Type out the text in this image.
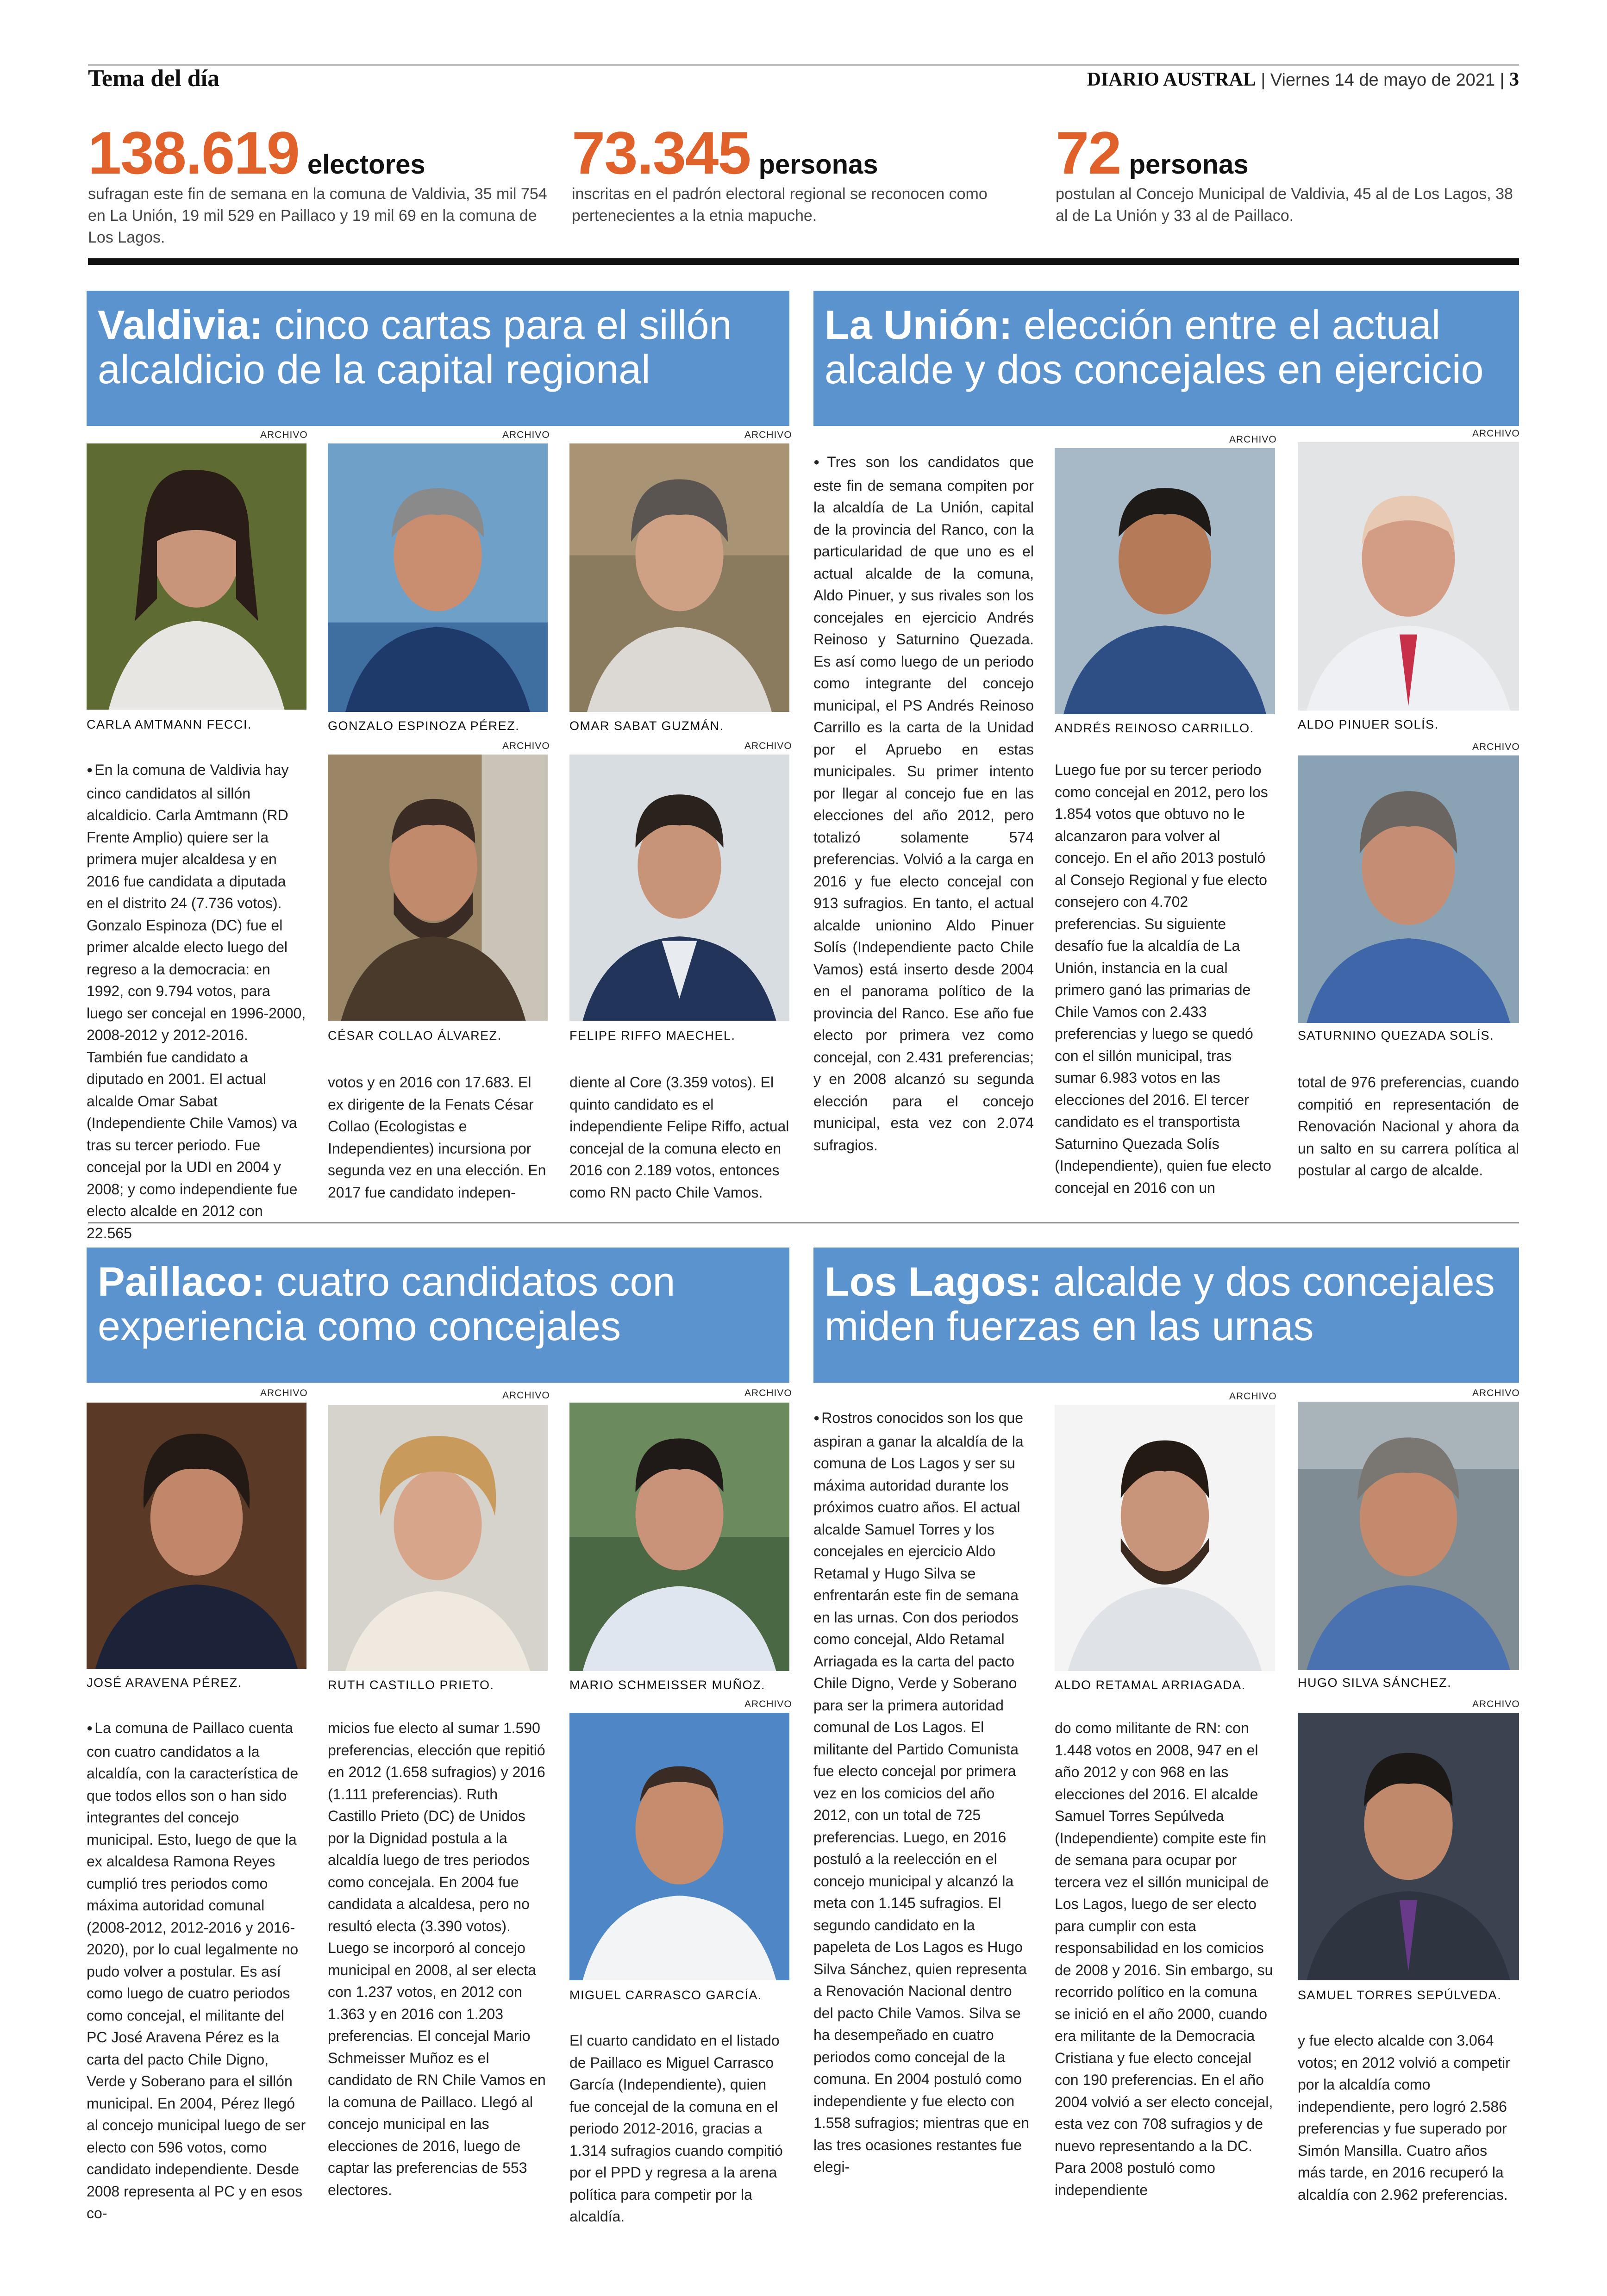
Tema del día	DIARIO AUSTRAL | Viernes 14 de mayo de 2021 | 3
138.619 electores
sufragan este fin de semana en la comuna de Valdivia, 35 mil 754 en La Unión, 19 mil 529 en Paillaco y 19 mil 69 en la comuna de Los Lagos.
73.345 personas
inscritas en el padrón electoral regional se reconocen como pertenecientes a la etnia mapuche.
72 personas
postulan al Concejo Municipal de Valdivia, 45 al de Los Lagos, 38 al de La Unión y 33 al de Paillaco.
Valdivia: cinco cartas para el sillón alcaldicio de la capital regional
ARCHIVO
CARLA AMTMANN FECCI.
ARCHIVO
GONZALO ESPINOZA PÉREZ.
ARCHIVO
OMAR SABAT GUZMÁN.
ARCHIVO
CÉSAR COLLAO ÁLVAREZ.
ARCHIVO
FELIPE RIFFO MAECHEL.

● En la comuna de Valdivia hay cinco candidatos al sillón alcaldicio. Carla Amtmann (RD Frente Amplio) quiere ser la primera mujer alcaldesa y en 2016 fue candidata a diputada en el distrito 24 (7.736 votos). Gonzalo Espinoza (DC) fue el primer alcalde electo luego del regreso a la democracia: en 1992, con 9.794 votos, para luego ser concejal en 1996-2000, 2008-2012 y 2012-2016. También fue candidato a diputado en 2001. El actual alcalde Omar Sabat (Independiente Chile Vamos) va tras su tercer periodo. Fue concejal por la UDI en 2004 y 2008; y como independiente fue electo alcalde en 2012 con 22.565

votos y en 2016 con 17.683. El ex dirigente de la Fenats César Collao (Ecologistas e Independientes) incursiona por segunda vez en una elección. En 2017 fue candidato indepen-

diente al Core (3.359 votos). El quinto candidato es el independiente Felipe Riffo, actual concejal de la comuna electo en 2016 con 2.189 votos, entonces como RN pacto Chile Vamos.

La Unión: elección entre el actual alcalde y dos concejales en ejercicio

● Tres son los candidatos que este fin de semana compiten por la alcaldía de La Unión, capital de la provincia del Ranco, con la particularidad de que uno es el actual alcalde de la comuna, Aldo Pinuer, y sus rivales son los concejales en ejercicio Andrés Reinoso y Saturnino Quezada. Es así como luego de un periodo como integrante del concejo municipal, el PS Andrés Reinoso Carrillo es la carta de la Unidad por el Apruebo en estas municipales. Su primer intento por llegar al concejo fue en las elecciones del año 2012, pero totalizó solamente 574 preferencias. Volvió a la carga en 2016 y fue electo concejal con 913 sufragios. En tanto, el actual alcalde unionino Aldo Pinuer Solís (Independiente pacto Chile Vamos) está inserto desde 2004 en el panorama político de la provincia del Ranco. Ese año fue electo por primera vez como concejal, con 2.431 preferencias; y en 2008 alcanzó su segunda elección para el concejo municipal, esta vez con 2.074 sufragios.

ARCHIVO
ANDRÉS REINOSO CARRILLO.
ARCHIVO
ALDO PINUER SOLÍS.
ARCHIVO
SATURNINO QUEZADA SOLÍS.

Luego fue por su tercer periodo como concejal en 2012, pero los 1.854 votos que obtuvo no le alcanzaron para volver al concejo. En el año 2013 postuló al Consejo Regional y fue electo consejero con 4.702 preferencias. Su siguiente desafío fue la alcaldía de La Unión, instancia en la cual primero ganó las primarias de Chile Vamos con 2.433 preferencias y luego se quedó con el sillón municipal, tras sumar 6.983 votos en las elecciones del 2016. El tercer candidato es el transportista Saturnino Quezada Solís (Independiente), quien fue electo concejal en 2016 con un

total de 976 preferencias, cuando compitió en representación de Renovación Nacional y ahora da un salto en su carrera política al postular al cargo de alcalde.

Paillaco: cuatro candidatos con experiencia como concejales
ARCHIVO
JOSÉ ARAVENA PÉREZ.
ARCHIVO
RUTH CASTILLO PRIETO.
ARCHIVO
MARIO SCHMEISSER MUÑOZ.
ARCHIVO
MIGUEL CARRASCO GARCÍA.

● La comuna de Paillaco cuenta con cuatro candidatos a la alcaldía, con la característica de que todos ellos son o han sido integrantes del concejo municipal. Esto, luego de que la ex alcaldesa Ramona Reyes cumplió tres periodos como máxima autoridad comunal (2008-2012, 2012-2016 y 2016-2020), por lo cual legalmente no pudo volver a postular. Es así como luego de cuatro periodos como concejal, el militante del PC José Aravena Pérez es la carta del pacto Chile Digno, Verde y Soberano para el sillón municipal. En 2004, Pérez llegó al concejo municipal luego de ser electo con 596 votos, como candidato independiente. Desde 2008 representa al PC y en esos co-

micios fue electo al sumar 1.590 preferencias, elección que repitió en 2012 (1.658 sufragios) y 2016 (1.111 preferencias). Ruth Castillo Prieto (DC) de Unidos por la Dignidad postula a la alcaldía luego de tres periodos como concejala. En 2004 fue candidata a alcaldesa, pero no resultó electa (3.390 votos). Luego se incorporó al concejo municipal en 2008, al ser electa con 1.237 votos, en 2012 con 1.363 y en 2016 con 1.203 preferencias. El concejal Mario Schmeisser Muñoz es el candidato de RN Chile Vamos en la comuna de Paillaco. Llegó al concejo municipal en las elecciones de 2016, luego de captar las preferencias de 553 electores.

El cuarto candidato en el listado de Paillaco es Miguel Carrasco García (Independiente), quien fue concejal de la comuna en el periodo 2012-2016, gracias a 1.314 sufragios cuando compitió por el PPD y regresa a la arena política para competir por la alcaldía.

Los Lagos: alcalde y dos concejales miden fuerzas en las urnas

● Rostros conocidos son los que aspiran a ganar la alcaldía de la comuna de Los Lagos y ser su máxima autoridad durante los próximos cuatro años. El actual alcalde Samuel Torres y los concejales en ejercicio Aldo Retamal y Hugo Silva se enfrentarán este fin de semana en las urnas. Con dos periodos como concejal, Aldo Retamal Arriagada es la carta del pacto Chile Digno, Verde y Soberano para ser la primera autoridad comunal de Los Lagos. El militante del Partido Comunista fue electo concejal por primera vez en los comicios del año 2012, con un total de 725 preferencias. Luego, en 2016 postuló a la reelección en el concejo municipal y alcanzó la meta con 1.145 sufragios. El segundo candidato en la papeleta de Los Lagos es Hugo Silva Sánchez, quien representa a Renovación Nacional dentro del pacto Chile Vamos. Silva se ha desempeñado en cuatro periodos como concejal de la comuna. En 2004 postuló como independiente y fue electo con 1.558 sufragios; mientras que en las tres ocasiones restantes fue elegi-

ARCHIVO
ALDO RETAMAL ARRIAGADA.
ARCHIVO
HUGO SILVA SÁNCHEZ.
ARCHIVO
SAMUEL TORRES SEPÚLVEDA.

do como militante de RN: con 1.448 votos en 2008, 947 en el año 2012 y con 968 en las elecciones del 2016. El alcalde Samuel Torres Sepúlveda (Independiente) compite este fin de semana para ocupar por tercera vez el sillón municipal de Los Lagos, luego de ser electo para cumplir con esta responsabilidad en los comicios de 2008 y 2016. Sin embargo, su recorrido político en la comuna se inició en el año 2000, cuando era militante de la Democracia Cristiana y fue electo concejal con 190 preferencias. En el año 2004 volvió a ser electo concejal, esta vez con 708 sufragios y de nuevo representando a la DC. Para 2008 postuló como independiente

y fue electo alcalde con 3.064 votos; en 2012 volvió a competir por la alcaldía como independiente, pero logró 2.586 preferencias y fue superado por Simón Mansilla. Cuatro años más tarde, en 2016 recuperó la alcaldía con 2.962 preferencias.
